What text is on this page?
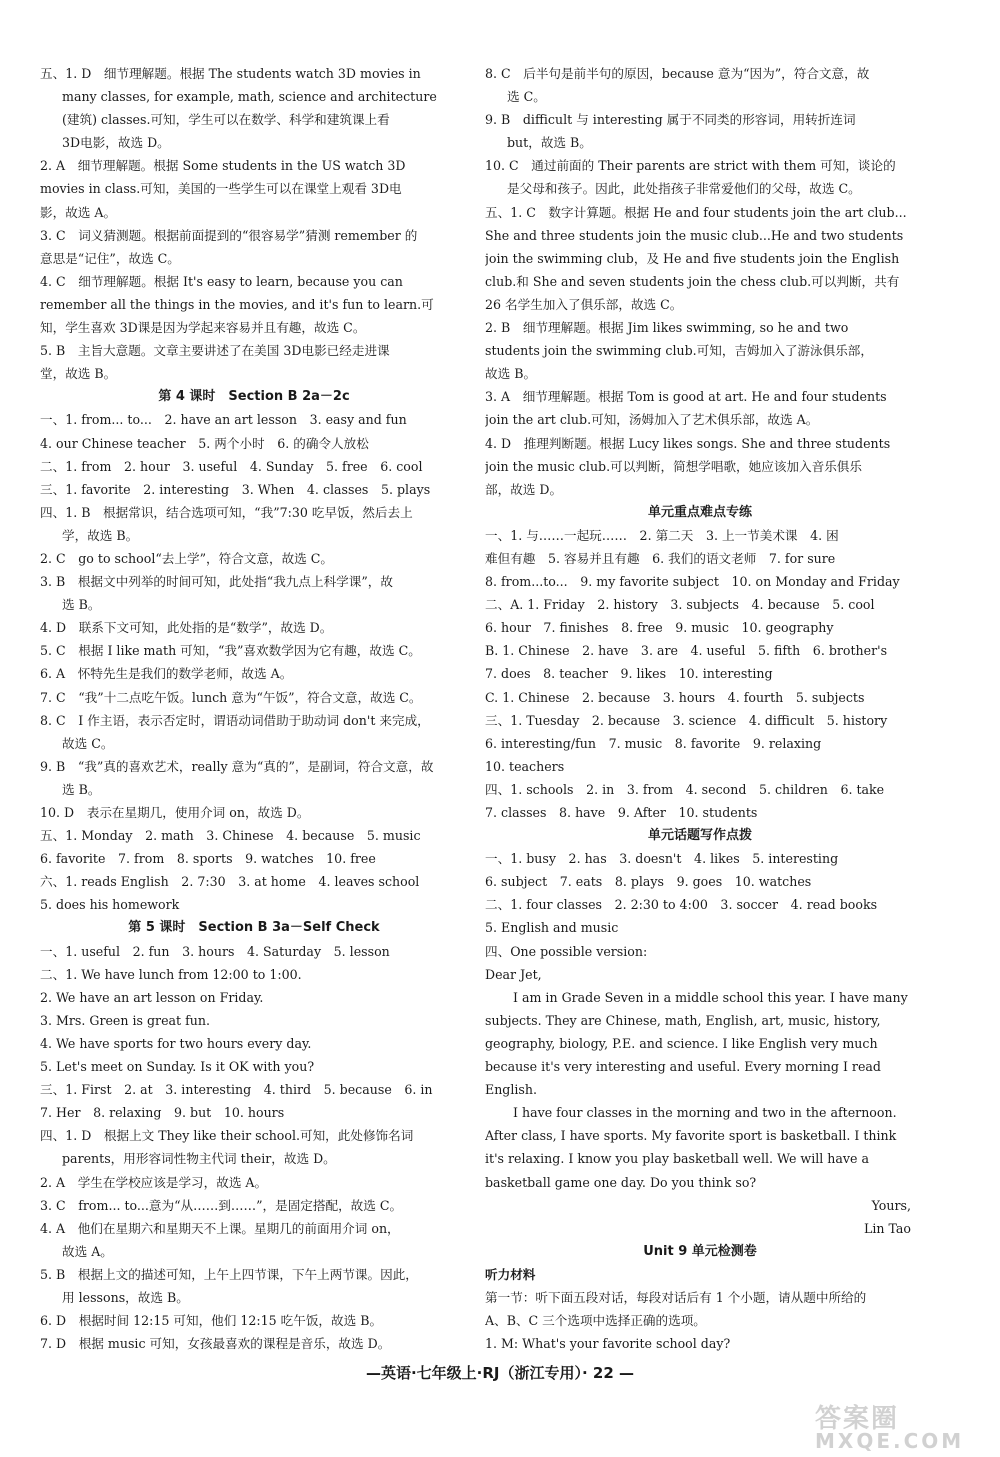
五、1. D　细节理解题。根据 The students watch 3D movies in
many classes, for example, math, science and architecture
(建筑) classes.可知，学生可以在数学、科学和建筑课上看
3D电影，故选 D。
2. A　细节理解题。根据 Some students in the US watch 3D
movies in class.可知，美国的一些学生可以在课堂上观看 3D电
影，故选 A。
3. C　词义猜测题。根据前面提到的“很容易学”猜测 remember 的
意思是“记住”，故选 C。
4. C　细节理解题。根据 It's easy to learn, because you can
remember all the things in the movies, and it's fun to learn.可
知，学生喜欢 3D课是因为学起来容易并且有趣，故选 C。
5. B　主旨大意题。文章主要讲述了在美国 3D电影已经走进课
堂，故选 B。
第 4 课时　Section B 2a－2c
一、1. from... to...　2. have an art lesson　3. easy and fun
4. our Chinese teacher　5. 两个小时　6. 的确令人放松
二、1. from　2. hour　3. useful　4. Sunday　5. free　6. cool
三、1. favorite　2. interesting　3. When　4. classes　5. plays
四、1. B　根据常识，结合选项可知，“我”7:30 吃早饭，然后去上
学，故选 B。
2. C　go to school“去上学”，符合文意，故选 C。
3. B　根据文中列举的时间可知，此处指“我九点上科学课”，故
选 B。
4. D　联系下文可知，此处指的是“数学”，故选 D。
5. C　根据 I like math 可知，“我”喜欢数学因为它有趣，故选 C。
6. A　怀特先生是我们的数学老师，故选 A。
7. C　“我”十二点吃午饭。lunch 意为“午饭”，符合文意，故选 C。
8. C　I 作主语，表示否定时，谓语动词借助于助动词 don't 来完成，
故选 C。
9. B　“我”真的喜欢艺术，really 意为“真的”，是副词，符合文意，故
选 B。
10. D　表示在星期几，使用介词 on，故选 D。
五、1. Monday　2. math　3. Chinese　4. because　5. music
6. favorite　7. from　8. sports　9. watches　10. free
六、1. reads English　2. 7:30　3. at home　4. leaves school
5. does his homework
第 5 课时　Section B 3a－Self Check
一、1. useful　2. fun　3. hours　4. Saturday　5. lesson
二、1. We have lunch from 12:00 to 1:00.
2. We have an art lesson on Friday.
3. Mrs. Green is great fun.
4. We have sports for two hours every day.
5. Let's meet on Sunday. Is it OK with you?
三、1. First　2. at　3. interesting　4. third　5. because　6. in
7. Her　8. relaxing　9. but　10. hours
四、1. D　根据上文 They like their school.可知，此处修饰名词
parents，用形容词性物主代词 their，故选 D。
2. A　学生在学校应该是学习，故选 A。
3. C　from... to...意为“从……到……”，是固定搭配，故选 C。
4. A　他们在星期六和星期天不上课。星期几的前面用介词 on，
故选 A。
5. B　根据上文的描述可知，上午上四节课，下午上两节课。因此，
用 lessons，故选 B。
6. D　根据时间 12:15 可知，他们 12:15 吃午饭，故选 B。
7. D　根据 music 可知，女孩最喜欢的课程是音乐，故选 D。
8. C　后半句是前半句的原因，because 意为“因为”，符合文意，故
选 C。
9. B　difficult 与 interesting 属于不同类的形容词，用转折连词
but，故选 B。
10. C　通过前面的 Their parents are strict with them 可知，谈论的
是父母和孩子。因此，此处指孩子非常爱他们的父母，故选 C。
五、1. C　数字计算题。根据 He and four students join the art club...
She and three students join the music club...He and two students
join the swimming club，及 He and five students join the English
club.和 She and seven students join the chess club.可以判断，共有
26 名学生加入了俱乐部，故选 C。
2. B　细节理解题。根据 Jim likes swimming, so he and two
students join the swimming club.可知，吉姆加入了游泳俱乐部，
故选 B。
3. A　细节理解题。根据 Tom is good at art. He and four students
join the art club.可知，汤姆加入了艺术俱乐部，故选 A。
4. D　推理判断题。根据 Lucy likes songs. She and three students
join the music club.可以判断，简想学唱歌，她应该加入音乐俱乐
部，故选 D。
单元重点难点专练
一、1. 与……一起玩……　2. 第二天　3. 上一节美术课　4. 困
难但有趣　5. 容易并且有趣　6. 我们的语文老师　7. for sure
8. from...to...　9. my favorite subject　10. on Monday and Friday
二、A. 1. Friday　2. history　3. subjects　4. because　5. cool
6. hour　7. finishes　8. free　9. music　10. geography
B. 1. Chinese　2. have　3. are　4. useful　5. fifth　6. brother's
7. does　8. teacher　9. likes　10. interesting
C. 1. Chinese　2. because　3. hours　4. fourth　5. subjects
三、1. Tuesday　2. because　3. science　4. difficult　5. history
6. interesting/fun　7. music　8. favorite　9. relaxing
10. teachers
四、1. schools　2. in　3. from　4. second　5. children　6. take
7. classes　8. have　9. After　10. students
单元话题写作点拨
一、1. busy　2. has　3. doesn't　4. likes　5. interesting
6. subject　7. eats　8. plays　9. goes　10. watches
二、1. four classes　2. 2:30 to 4:00　3. soccer　4. read books
5. English and music
四、One possible version:
Dear Jet,
I am in Grade Seven in a middle school this year. I have many subjects. They are Chinese, math, English, art, music, history, geography, biology, P.E. and science. I like English very much because it's very interesting and useful. Every morning I read English.
I have four classes in the morning and two in the afternoon. After class, I have sports. My favorite sport is basketball. I think it's relaxing. I know you play basketball well. We will have a basketball game one day. Do you think so?
Yours,
Lin Tao
Unit 9 单元检测卷
听力材料
第一节：听下面五段对话，每段对话后有 1 个小题，请从题中所给的
A、B、C 三个选项中选择正确的选项。
1. M: What's your favorite school day?
—英语·七年级上·RJ（浙江专用）· 22 —
答案圈
MXQE.COM
